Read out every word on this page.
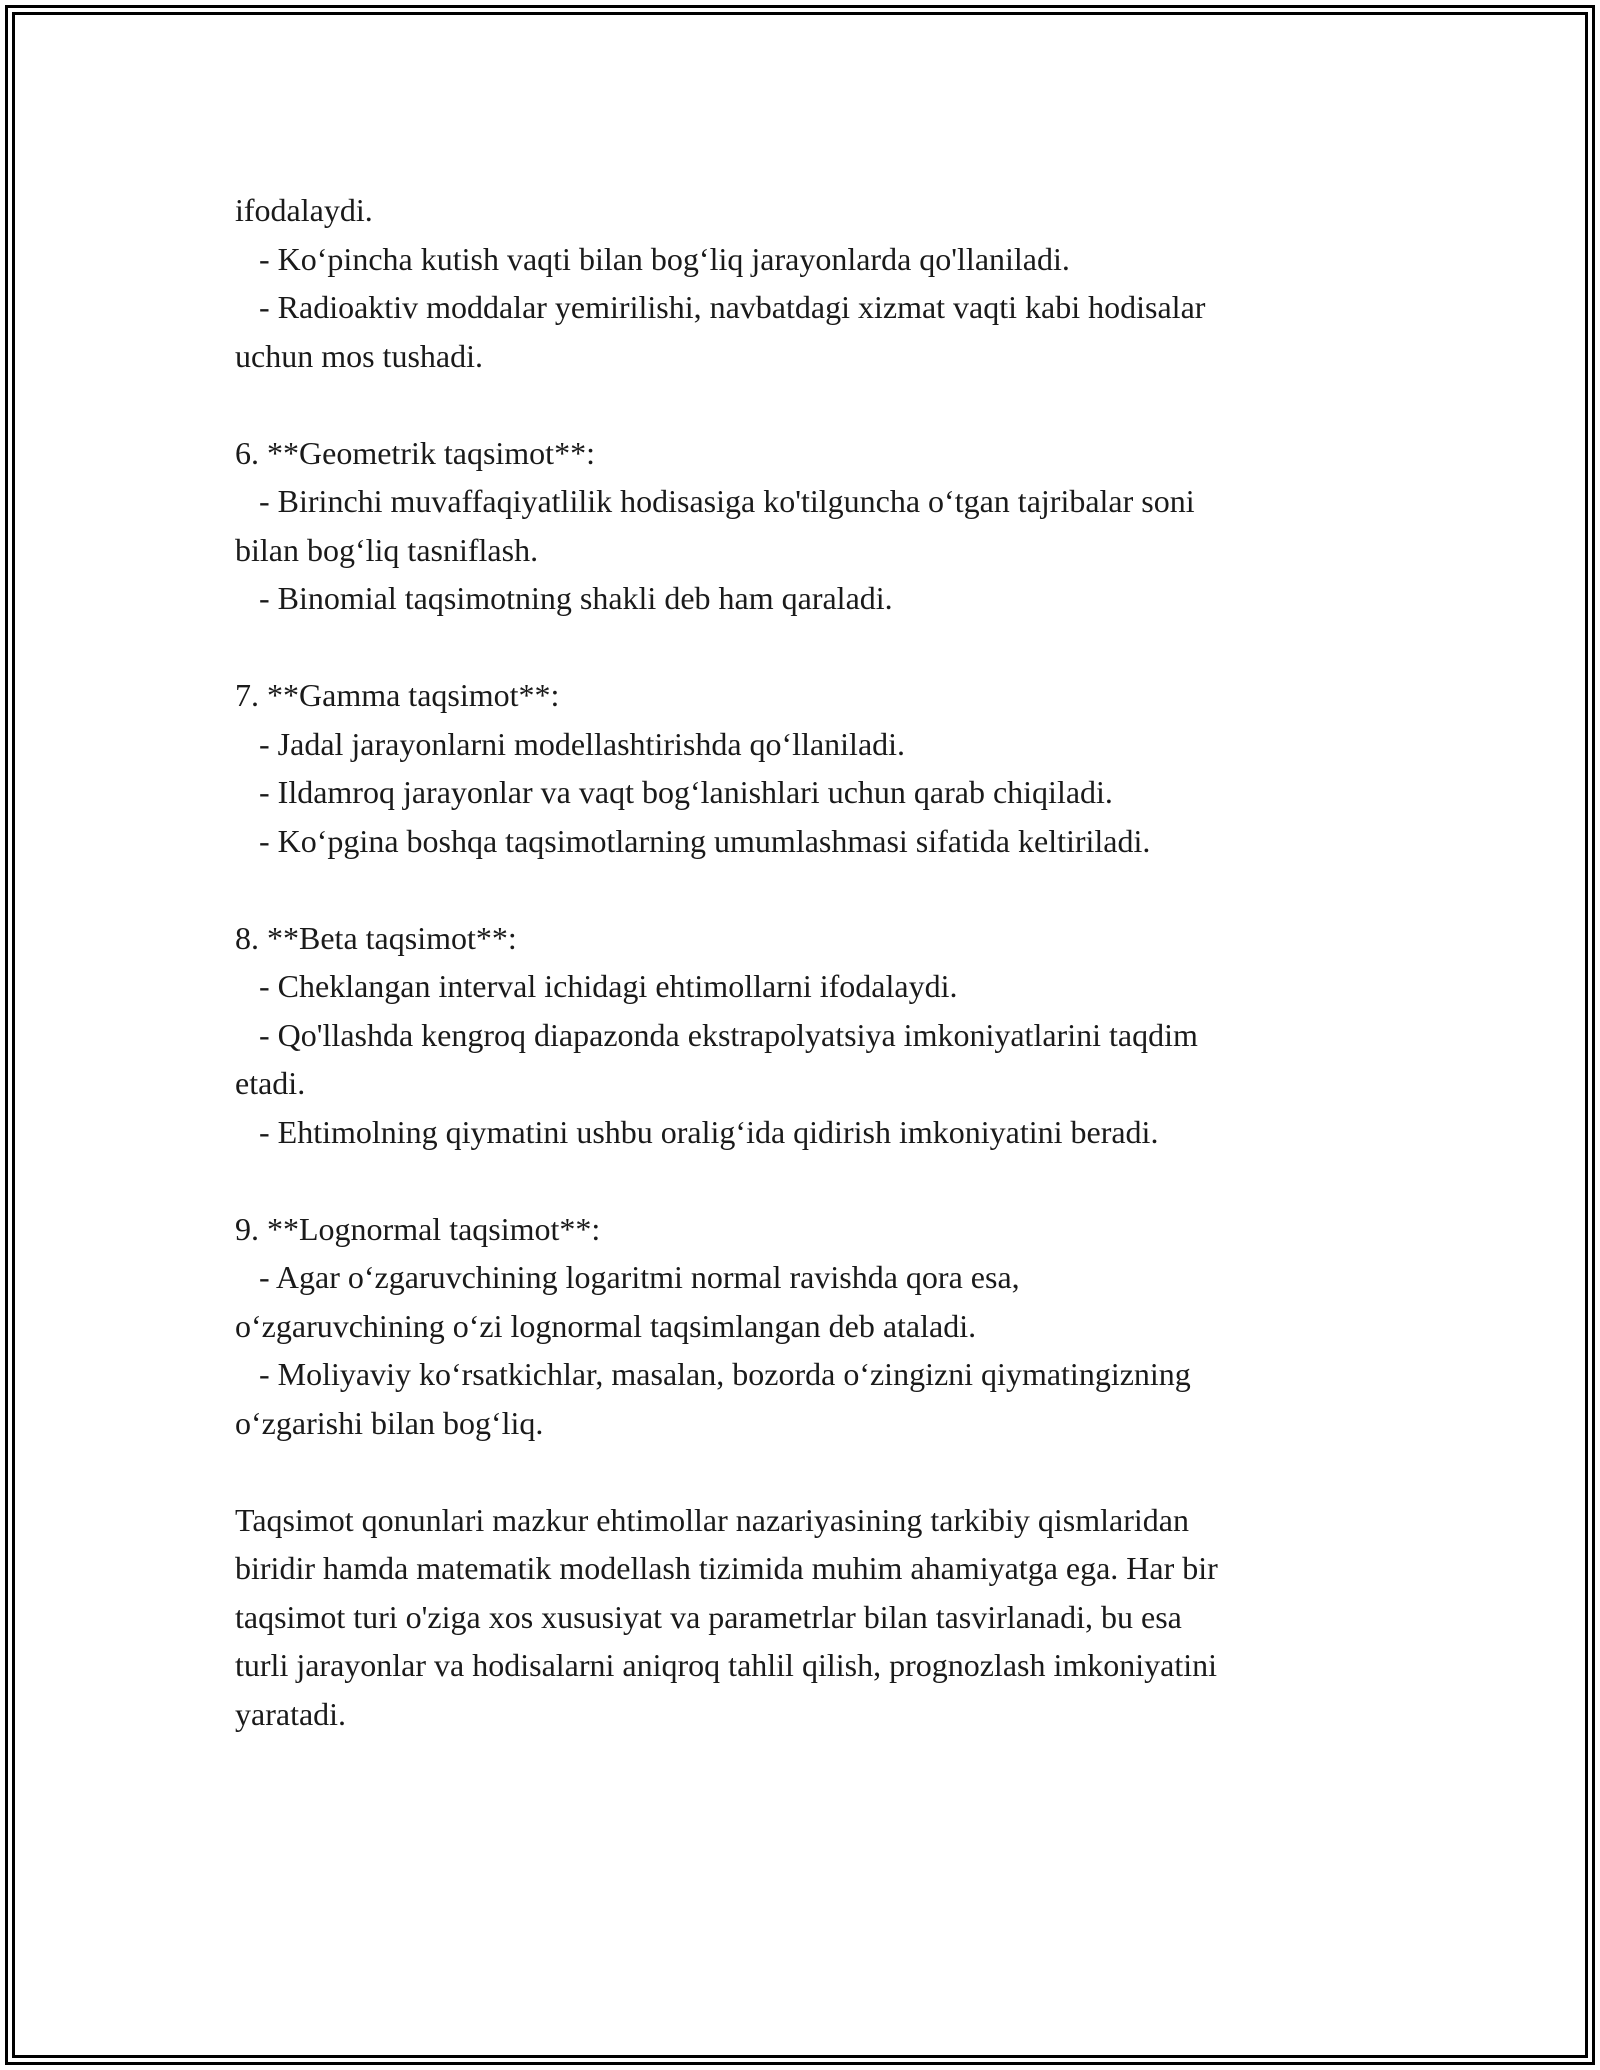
ifodalaydi.
- Ko‘pincha kutish vaqti bilan bog‘liq jarayonlarda qo'llaniladi.
- Radioaktiv moddalar yemirilishi, navbatdagi xizmat vaqti kabi hodisalar
uchun mos tushadi.
6. **Geometrik taqsimot**:
- Birinchi muvaffaqiyatlilik hodisasiga ko'tilguncha o‘tgan tajribalar soni
bilan bog‘liq tasniflash.
- Binomial taqsimotning shakli deb ham qaraladi.
7. **Gamma taqsimot**:
- Jadal jarayonlarni modellashtirishda qo‘llaniladi.
- Ildamroq jarayonlar va vaqt bog‘lanishlari uchun qarab chiqiladi.
- Ko‘pgina boshqa taqsimotlarning umumlashmasi sifatida keltiriladi.
8. **Beta taqsimot**:
- Cheklangan interval ichidagi ehtimollarni ifodalaydi.
- Qo'llashda kengroq diapazonda ekstrapolyatsiya imkoniyatlarini taqdim
etadi.
- Ehtimolning qiymatini ushbu oralig‘ida qidirish imkoniyatini beradi.
9. **Lognormal taqsimot**:
- Agar o‘zgaruvchining logaritmi normal ravishda qora esa,
o‘zgaruvchining o‘zi lognormal taqsimlangan deb ataladi.
- Moliyaviy ko‘rsatkichlar, masalan, bozorda o‘zingizni qiymatingizning
o‘zgarishi bilan bog‘liq.
Taqsimot qonunlari mazkur ehtimollar nazariyasining tarkibiy qismlaridan
biridir hamda matematik modellash tizimida muhim ahamiyatga ega. Har bir
taqsimot turi o'ziga xos xususiyat va parametrlar bilan tasvirlanadi, bu esa
turli jarayonlar va hodisalarni aniqroq tahlil qilish, prognozlash imkoniyatini
yaratadi.
